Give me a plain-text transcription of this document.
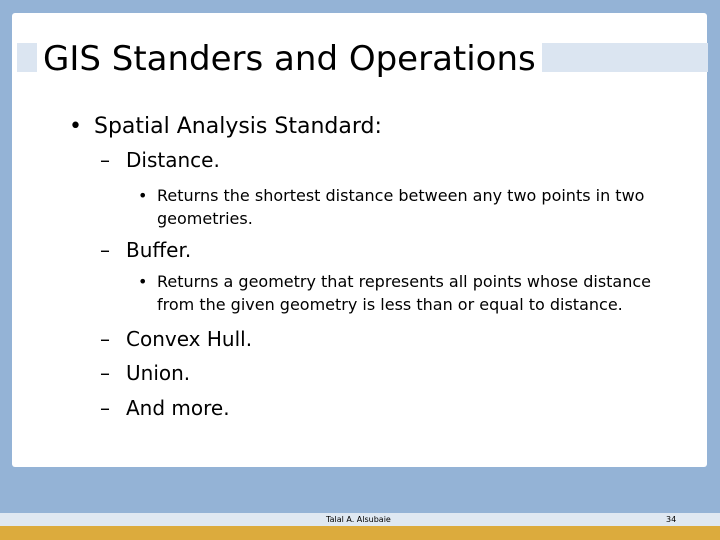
GIS Standers and Operations
• Spatial Analysis Standard:
– Distance.
• Returns the shortest distance between any two points in two geometries.
– Buffer.
• Returns a geometry that represents all points whose distance from the given geometry is less than or equal to distance.
– Convex Hull.
– Union.
– And more.
Talal A. Alsubaie	34
